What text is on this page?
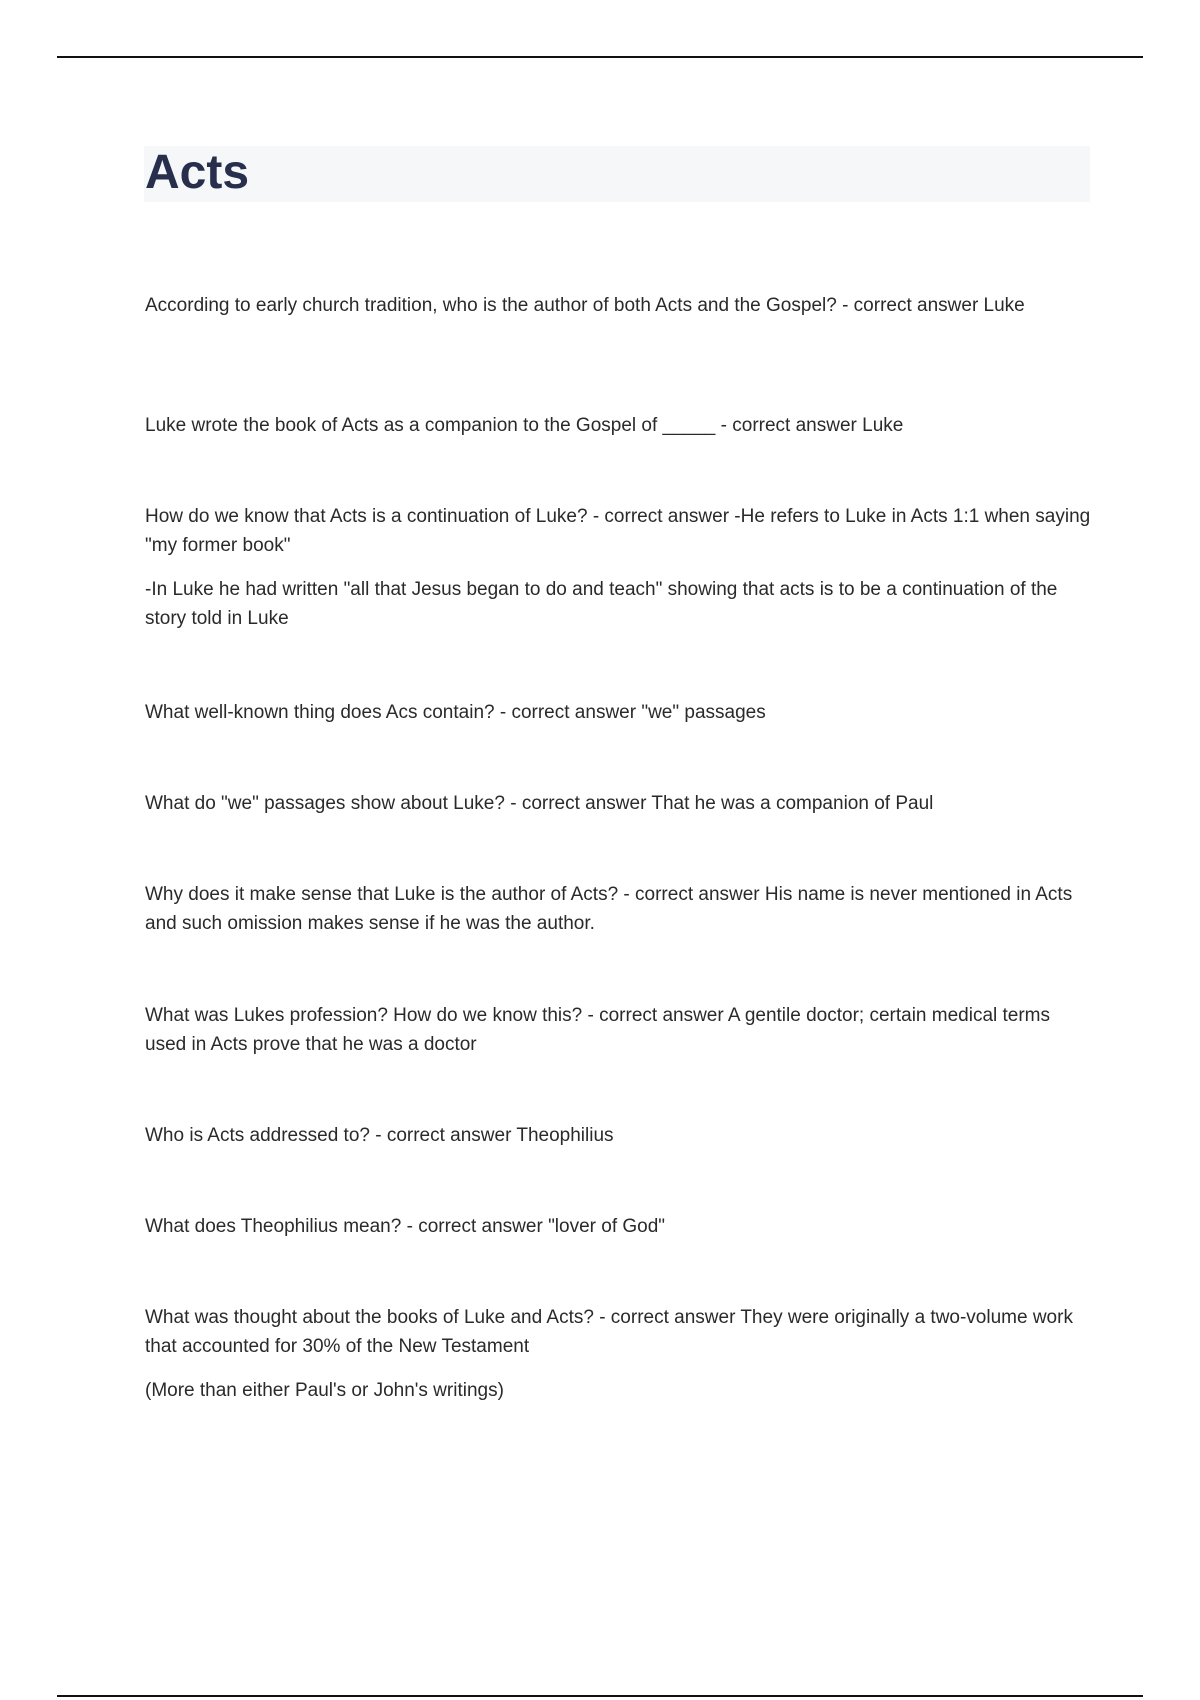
Acts

According to early church tradition, who is the author of both Acts and the Gospel? - correct answer Luke

Luke wrote the book of Acts as a companion to the Gospel of _____ - correct answer Luke

How do we know that Acts is a continuation of Luke? - correct answer -He refers to Luke in Acts 1:1 when saying "my former book"

-In Luke he had written "all that Jesus began to do and teach" showing that acts is to be a continuation of the story told in Luke

What well-known thing does Acs contain? - correct answer "we" passages

What do "we" passages show about Luke? - correct answer That he was a companion of Paul

Why does it make sense that Luke is the author of Acts? - correct answer His name is never mentioned in Acts and such omission makes sense if he was the author.

What was Lukes profession? How do we know this? - correct answer A gentile doctor; certain medical terms used in Acts prove that he was a doctor

Who is Acts addressed to? - correct answer Theophilius

What does Theophilius mean? - correct answer "lover of God"

What was thought about the books of Luke and Acts? - correct answer They were originally a two-volume work that accounted for 30% of the New Testament

(More than either Paul's or John's writings)
